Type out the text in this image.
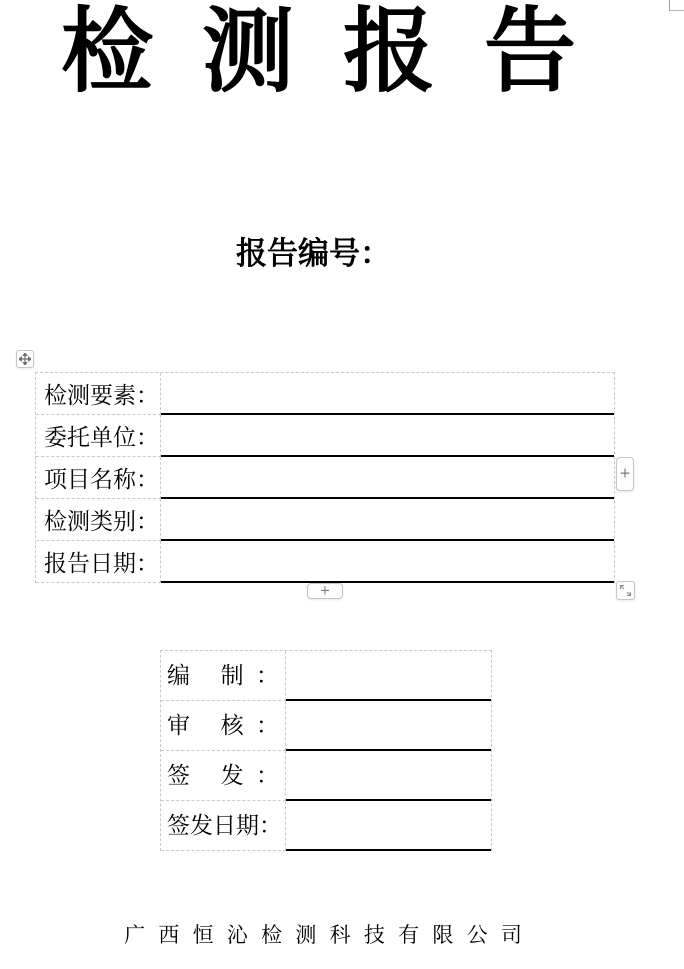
检 测 报 告
报告编号：
检测要素：
委托单位：
项目名称：
检测类别：
报告日期：
+
+
编 制：
审 核：
签 发：
签发日期：
广 西 恒 沁 检 测 科 技 有 限 公 司
